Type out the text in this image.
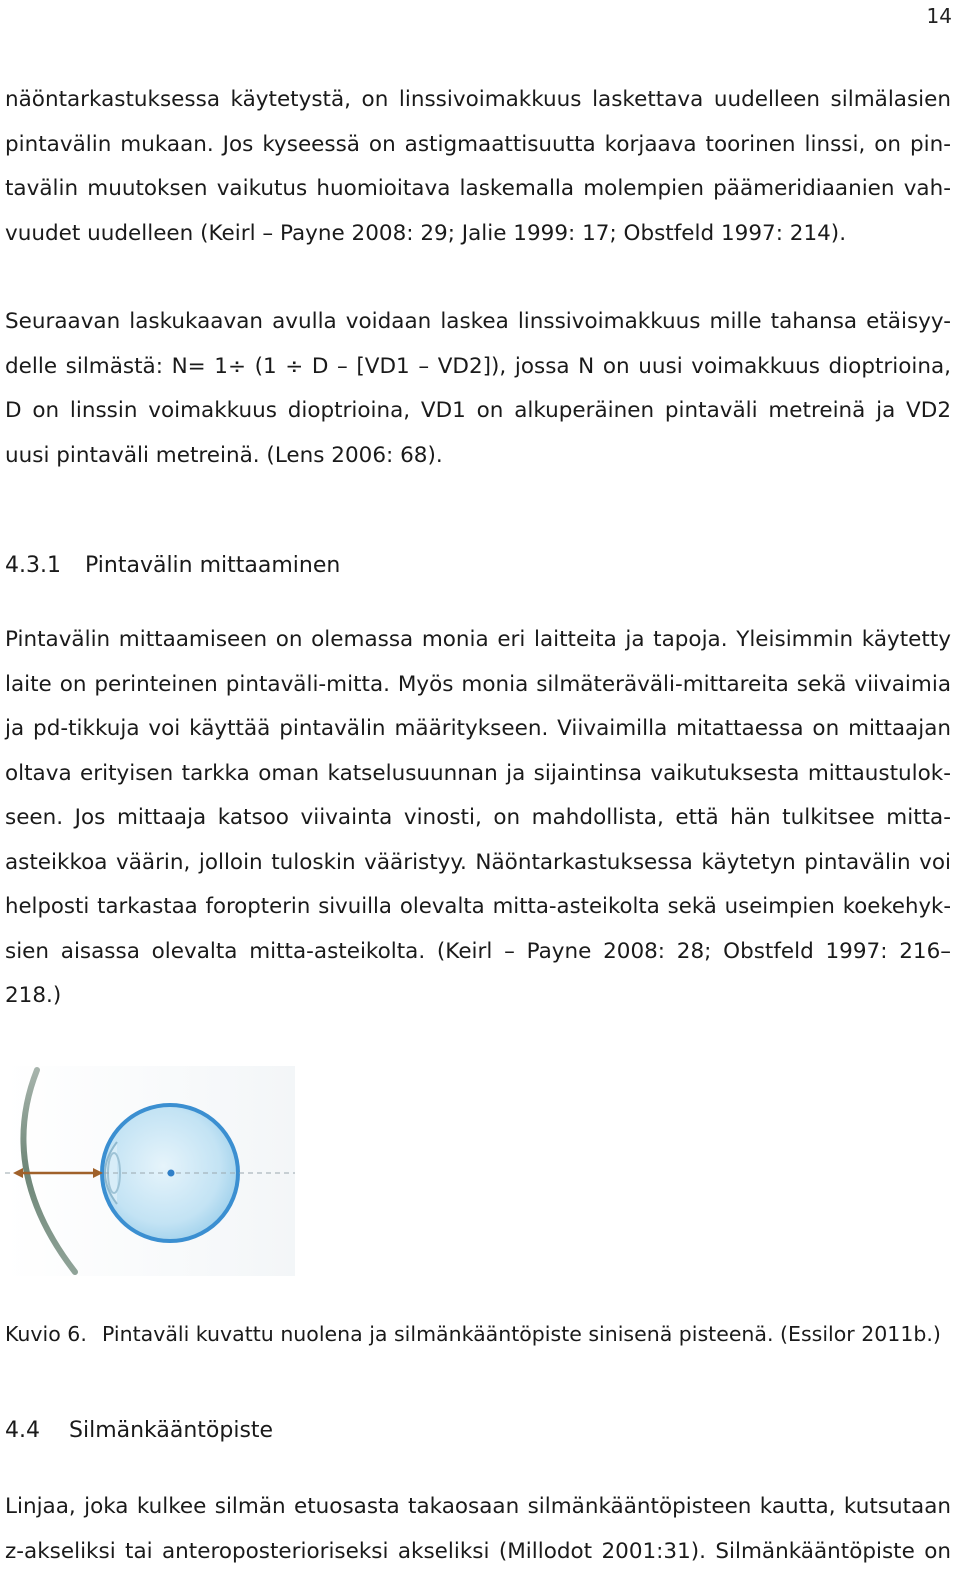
14

näöntarkastuksessa käytetystä, on linssivoimakkuus laskettava uudelleen silmälasien
pintavälin mukaan. Jos kyseessä on astigmaattisuutta korjaava toorinen linssi, on pin-
tavälin muutoksen vaikutus huomioitava laskemalla molempien päämeridiaanien vah-
vuudet uudelleen (Keirl – Payne 2008: 29; Jalie 1999: 17; Obstfeld 1997: 214).

Seuraavan laskukaavan avulla voidaan laskea linssivoimakkuus mille tahansa etäisyy-
delle silmästä: N= 1÷ (1 ÷ D – [VD1 – VD2]), jossa N on uusi voimakkuus dioptrioina,
D on linssin voimakkuus dioptrioina, VD1 on alkuperäinen pintaväli metreinä ja VD2
uusi pintaväli metreinä. (Lens 2006: 68).

4.3.1 Pintavälin mittaaminen

Pintavälin mittaamiseen on olemassa monia eri laitteita ja tapoja. Yleisimmin käytetty
laite on perinteinen pintaväli-mitta. Myös monia silmäteräväli-mittareita sekä viivaimia
ja pd-tikkuja voi käyttää pintavälin määritykseen. Viivaimilla mitattaessa on mittaajan
oltava erityisen tarkka oman katselusuunnan ja sijaintinsa vaikutuksesta mittaustulok-
seen. Jos mittaaja katsoo viivainta vinosti, on mahdollista, että hän tulkitsee mitta-
asteikkoa väärin, jolloin tuloskin vääristyy. Näöntarkastuksessa käytetyn pintavälin voi
helposti tarkastaa foropterin sivuilla olevalta mitta-asteikolta sekä useimpien koekehyk-
sien aisassa olevalta mitta-asteikolta. (Keirl – Payne 2008: 28; Obstfeld 1997: 216–
218.)

Kuvio 6. Pintaväli kuvattu nuolena ja silmänkääntöpiste sinisenä pisteenä. (Essilor 2011b.)

4.4 Silmänkääntöpiste

Linjaa, joka kulkee silmän etuosasta takaosaan silmänkääntöpisteen kautta, kutsutaan
z-akseliksi tai anteroposterioriseksi akseliksi (Millodot 2001:31). Silmänkääntöpiste on
